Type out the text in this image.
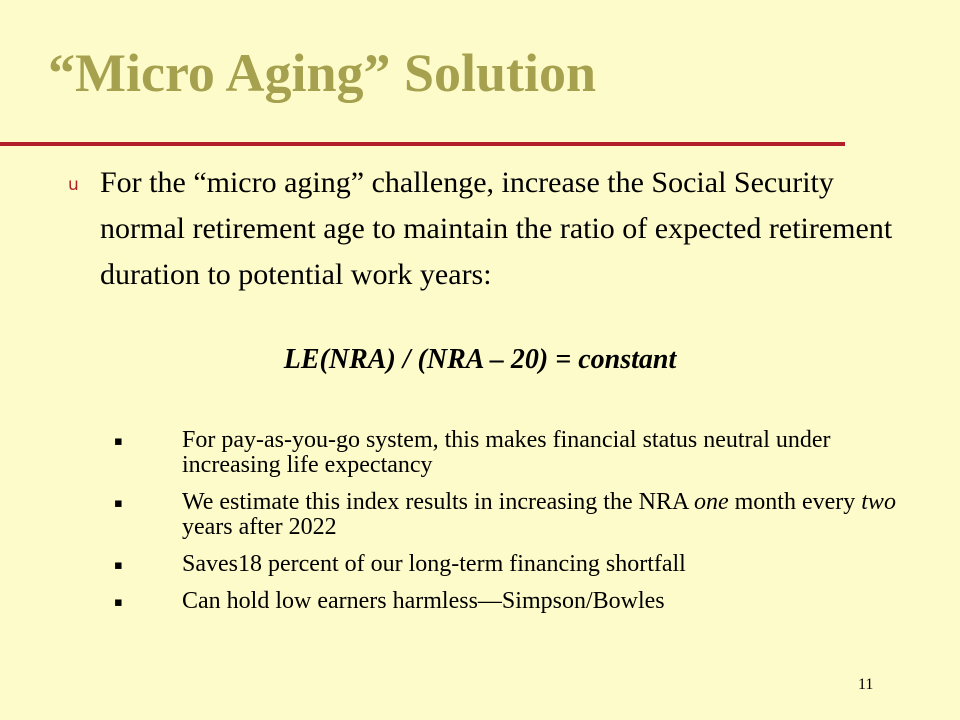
“Micro Aging” Solution
u For the “micro aging” challenge, increase the Social Security normal retirement age to maintain the ratio of expected retirement duration to potential work years:
LE(NRA) / (NRA – 20) = constant
▪ For pay-as-you-go system, this makes financial status neutral under increasing life expectancy
▪ We estimate this index results in increasing the NRA one month every two years after 2022
▪ Saves18 percent of our long-term financing shortfall
▪ Can hold low earners harmless—Simpson/Bowles
11
